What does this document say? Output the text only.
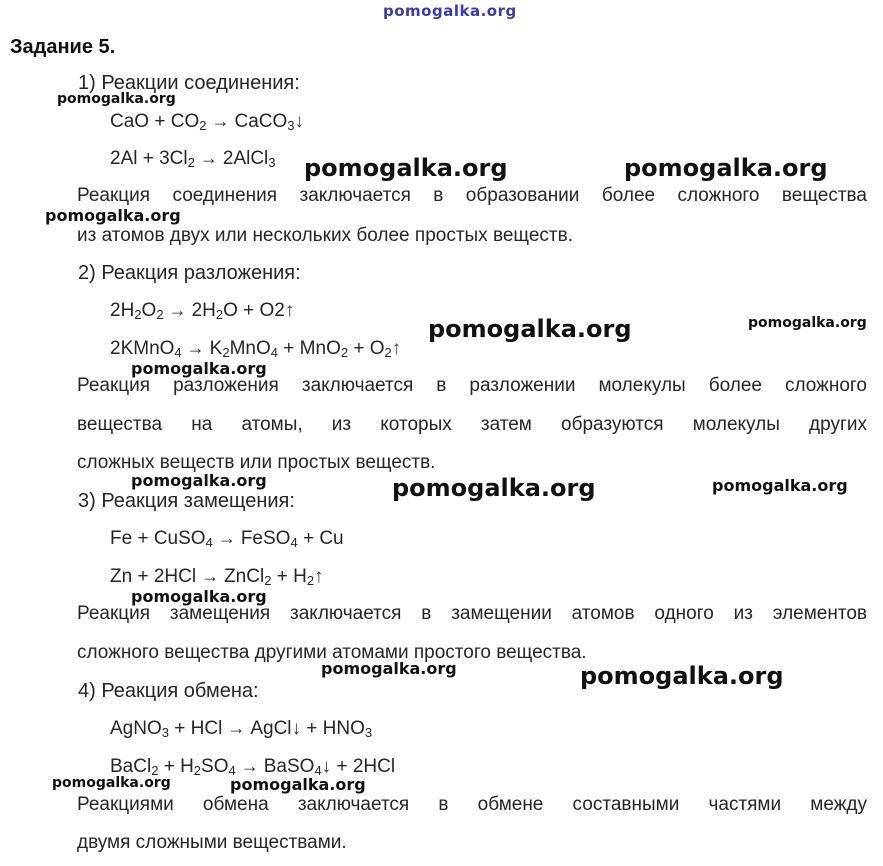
pomogalka.org
Задание 5.
1) Реакции соединения:
CaO + $CO_2$ → CaCO$_3$↓
$2Al + 3Cl_2$ → 2AlCl$_3$
Реакция соединения заключается в образовании более сложного вещества
из атомов двух или нескольких более простых веществ.
2) Реакция разложения:
$2H_2O_2 \to 2H_2O$ + O2↑
2KMnO$_4$ → $K_2MnO_4 + MnO_2$ + $O_2↑$
Реакция разложения заключается в разложении молекулы более сложного
вещества на атомы, из которых затем образуются молекулы других
сложных веществ или простых веществ.
3) Реакция замещения:
Fe + CuSO$_4$ → FeSO$_4$ + Cu
Zn + 2HCl → ZnCl$_2$ + $H_2↑$
Реакция замещения заключается в замещении атомов одного из элементов
сложного вещества другими атомами простого вещества.
4) Реакция обмена:
AgNO$_3$ + HCl → AgCl↓ + $HNO_3$
BaCl$_2$ + $H_2SO_4$ → BaSO$_4$↓ + 2HCl
Реакциями обмена заключается в обмене составными частями между
двумя сложными веществами.
pomogalka.org
pomogalka.org	pomogalka.org
pomogalka.org
pomogalka.org	pomogalka.org
pomogalka.org
pomogalka.org	pomogalka.org	pomogalka.org
pomogalka.org
pomogalka.org	pomogalka.org
pomogalka.org	pomogalka.org
